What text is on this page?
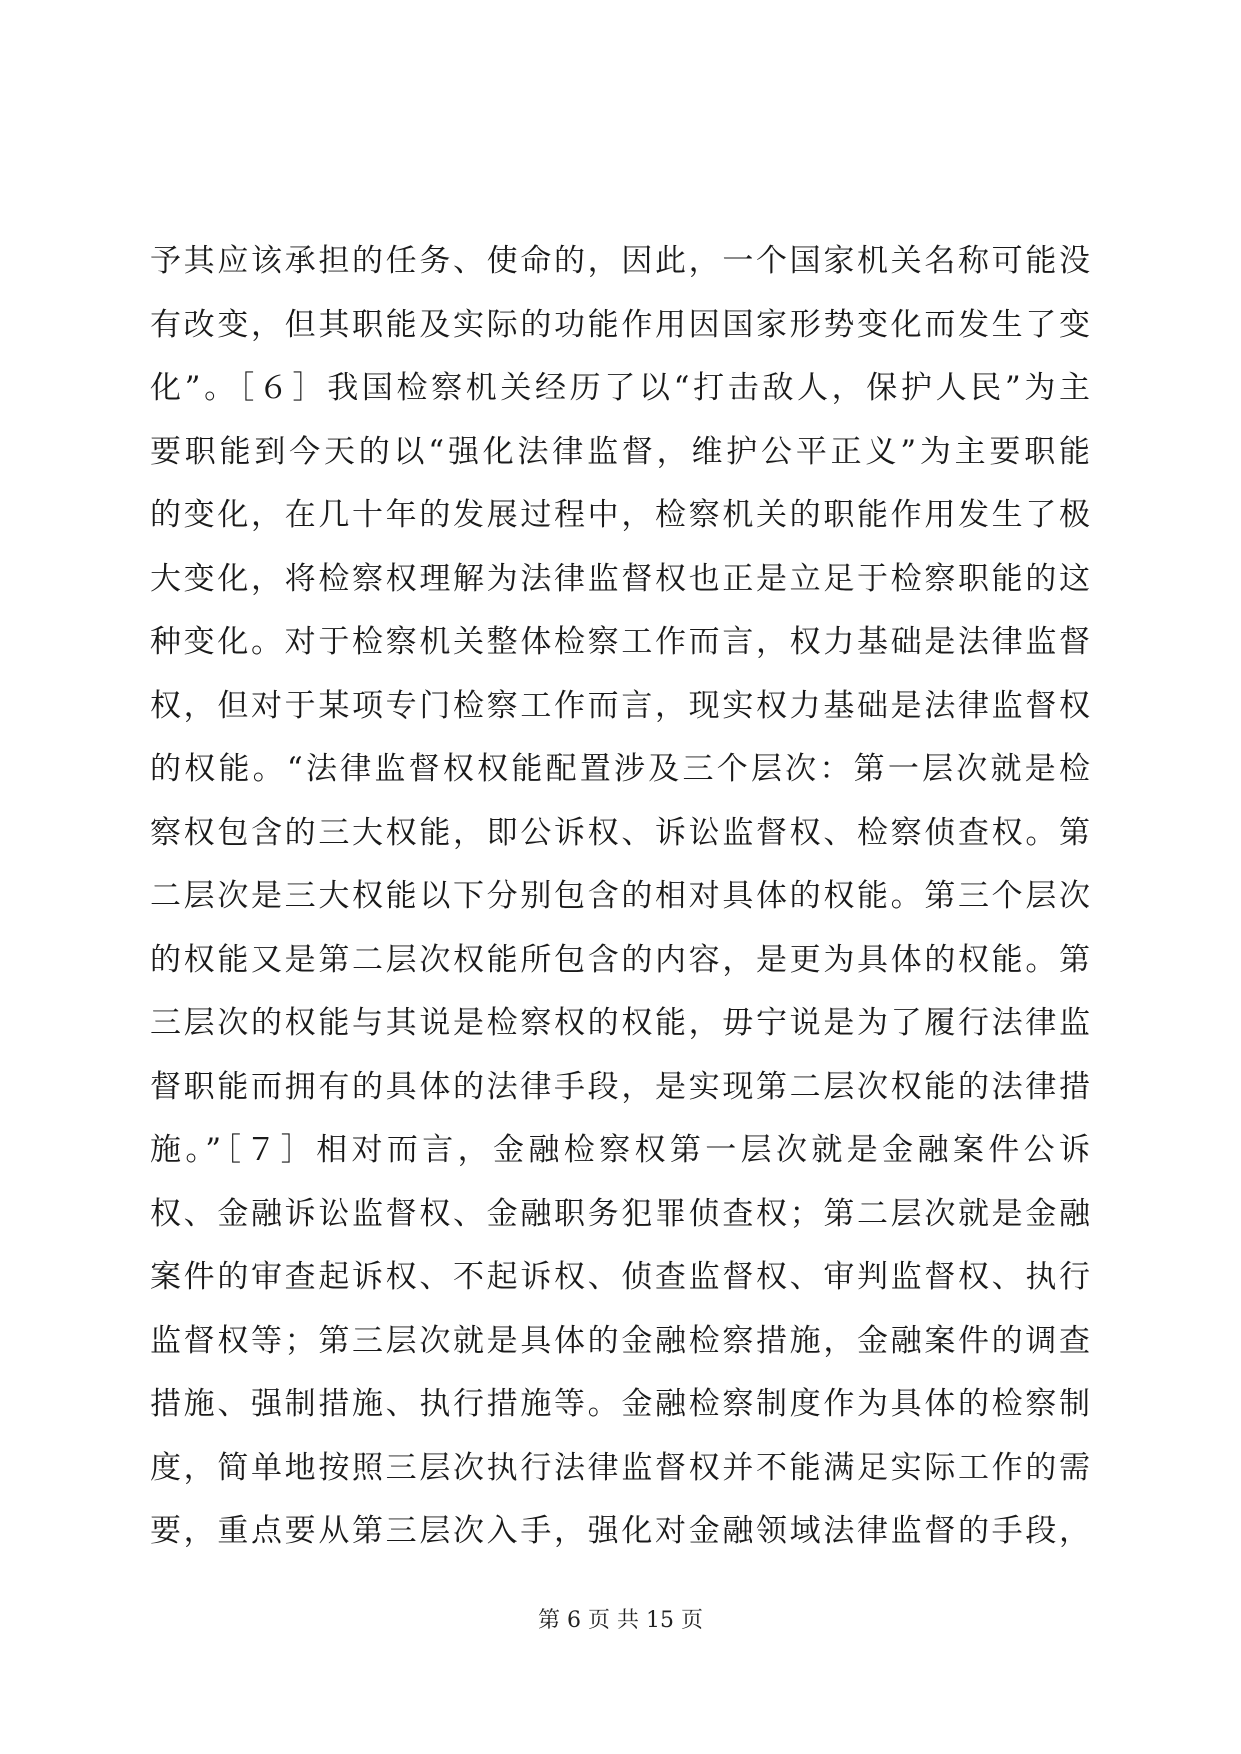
予其应该承担的任务、使命的，因此，一个国家机关名称可能没
有改变，但其职能及实际的功能作用因国家形势变化而发生了变
化”。［６］我国检察机关经历了以“打击敌人，保护人民”为主
要职能到今天的以“强化法律监督，维护公平正义”为主要职能
的变化，在几十年的发展过程中，检察机关的职能作用发生了极
大变化，将检察权理解为法律监督权也正是立足于检察职能的这
种变化。对于检察机关整体检察工作而言，权力基础是法律监督
权，但对于某项专门检察工作而言，现实权力基础是法律监督权
的权能。“法律监督权权能配置涉及三个层次：第一层次就是检
察权包含的三大权能，即公诉权、诉讼监督权、检察侦查权。第
二层次是三大权能以下分别包含的相对具体的权能。第三个层次
的权能又是第二层次权能所包含的内容，是更为具体的权能。第
三层次的权能与其说是检察权的权能，毋宁说是为了履行法律监
督职能而拥有的具体的法律手段，是实现第二层次权能的法律措
施。”［７］相对而言，金融检察权第一层次就是金融案件公诉
权、金融诉讼监督权、金融职务犯罪侦查权；第二层次就是金融
案件的审查起诉权、不起诉权、侦查监督权、审判监督权、执行
监督权等；第三层次就是具体的金融检察措施，金融案件的调查
措施、强制措施、执行措施等。金融检察制度作为具体的检察制
度，简单地按照三层次执行法律监督权并不能满足实际工作的需
要，重点要从第三层次入手，强化对金融领域法律监督的手段，
第 6 页 共 15 页
